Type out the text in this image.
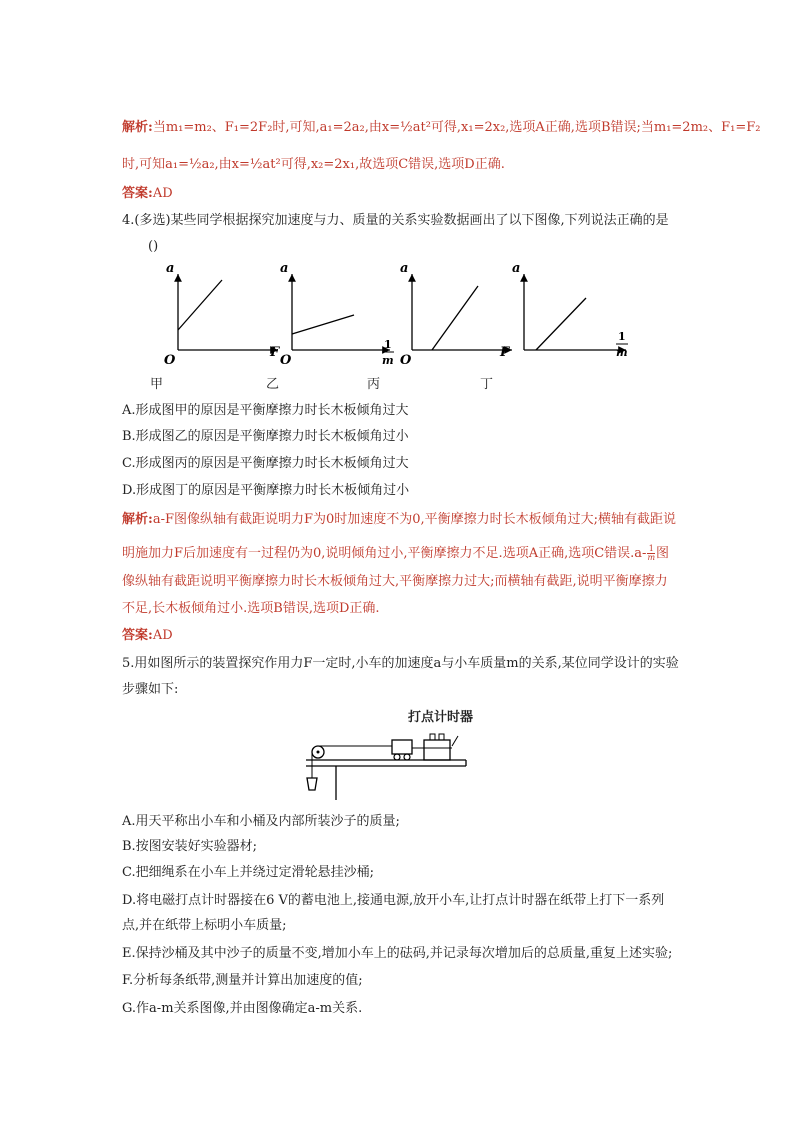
解析:当m₁=m₂、F₁=2F₂时,可知,a₁=2a₂,由x=½at²可得,x₁=2x₂,选项A正确,选项B错误;当m₁=2m₂、F₁=F₂
时,可知a₁=½a₂,由x=½at²可得,x₂=2x₁,故选项C错误,选项D正确.
答案:AD
4.(多选)某些同学根据探究加速度与力、质量的关系实验数据画出了以下图像,下列说法正确的是
()
a
O
F
a
O
1
m
a
O
F
a
1
m
甲	乙	丙	丁
A.形成图甲的原因是平衡摩擦力时长木板倾角过大
B.形成图乙的原因是平衡摩擦力时长木板倾角过小
C.形成图丙的原因是平衡摩擦力时长木板倾角过大
D.形成图丁的原因是平衡摩擦力时长木板倾角过小
解析:a-F图像纵轴有截距说明力F为0时加速度不为0,平衡摩擦力时长木板倾角过大;横轴有截距说
明施加力F后加速度有一过程仍为0,说明倾角过小,平衡摩擦力不足.选项A正确,选项C错误$.a- \frac{1}{m}$ 图
像纵轴有截距说明平衡摩擦力时长木板倾角过大,平衡摩擦力过大;而横轴有截距,说明平衡摩擦力
不足,长木板倾角过小.选项B错误,选项D正确.
答案:AD
5.用如图所示的装置探究作用力F一定时,小车的加速度a与小车质量m的关系,某位同学设计的实验
步骤如下:
打点计时器
A.用天平称出小车和小桶及内部所装沙子的质量;
B.按图安装好实验器材;
C.把细绳系在小车上并绕过定滑轮悬挂沙桶;
D.将电磁打点计时器接在6 V的蓄电池上,接通电源,放开小车,让打点计时器在纸带上打下一系列
点,并在纸带上标明小车质量;
E.保持沙桶及其中沙子的质量不变,增加小车上的砝码,并记录每次增加后的总质量,重复上述实验;
F.分析每条纸带,测量并计算出加速度的值;
G.作a-m关系图像,并由图像确定a-m关系.
